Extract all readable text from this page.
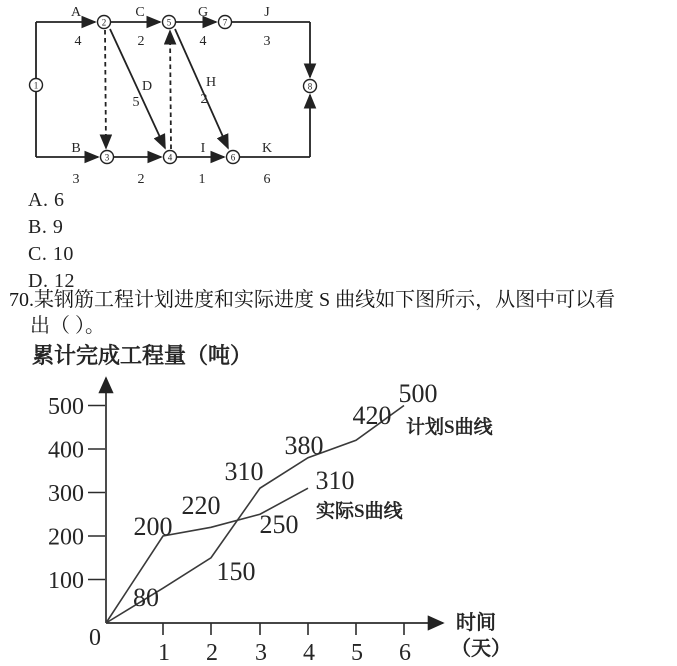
1
2	5	7
8
3	4	6
A
4
C
2
G
4
J
3
B
3	2
I
1
K
6
D
5
H
2
A. 6
B. 9
C. 10
D. 12
70.某钢筋工程计划进度和实际进度 S 曲线如下图所示，从图中可以看
出（ ）。
累计完成工程量（吨）
0
时间
（天）
计划S曲线
实际S曲线
100
200
300
400
500
1 2 3 4 5 6
80
150
310
380
420
500
200
220
250
310
